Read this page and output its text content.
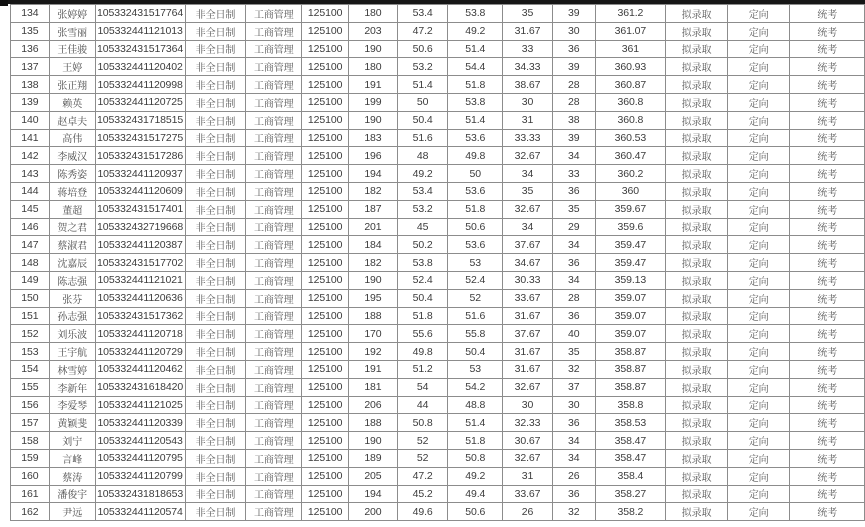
134	张婷婷	105332431517764	非全日制	工商管理	125100	180	53.4	53.8	35	39	361.2	拟录取	定向	统考
135	张雪丽	105332441121013	非全日制	工商管理	125100	203	47.2	49.2	31.67	30	361.07	拟录取	定向	统考
136	王佳骏	105332431517364	非全日制	工商管理	125100	190	50.6	51.4	33	36	361	拟录取	定向	统考
137	王婷	105332441120402	非全日制	工商管理	125100	180	53.2	54.4	34.33	39	360.93	拟录取	定向	统考
138	张正翔	105332441120998	非全日制	工商管理	125100	191	51.4	51.8	38.67	28	360.87	拟录取	定向	统考
139	赖英	105332441120725	非全日制	工商管理	125100	199	50	53.8	30	28	360.8	拟录取	定向	统考
140	赵卓夫	105332431718515	非全日制	工商管理	125100	190	50.4	51.4	31	38	360.8	拟录取	定向	统考
141	高伟	105332431517275	非全日制	工商管理	125100	183	51.6	53.6	33.33	39	360.53	拟录取	定向	统考
142	李威汉	105332431517286	非全日制	工商管理	125100	196	48	49.8	32.67	34	360.47	拟录取	定向	统考
143	陈秀姿	105332441120937	非全日制	工商管理	125100	194	49.2	50	34	33	360.2	拟录取	定向	统考
144	蒋培登	105332441120609	非全日制	工商管理	125100	182	53.4	53.6	35	36	360	拟录取	定向	统考
145	董超	105332431517401	非全日制	工商管理	125100	187	53.2	51.8	32.67	35	359.67	拟录取	定向	统考
146	贺之君	105332432719668	非全日制	工商管理	125100	201	45	50.6	34	29	359.6	拟录取	定向	统考
147	蔡淑君	105332441120387	非全日制	工商管理	125100	184	50.2	53.6	37.67	34	359.47	拟录取	定向	统考
148	沈嘉辰	105332431517702	非全日制	工商管理	125100	182	53.8	53	34.67	36	359.47	拟录取	定向	统考
149	陈志强	105332441121021	非全日制	工商管理	125100	190	52.4	52.4	30.33	34	359.13	拟录取	定向	统考
150	张芬	105332441120636	非全日制	工商管理	125100	195	50.4	52	33.67	28	359.07	拟录取	定向	统考
151	孙志强	105332431517362	非全日制	工商管理	125100	188	51.8	51.6	31.67	36	359.07	拟录取	定向	统考
152	刘乐波	105332441120718	非全日制	工商管理	125100	170	55.6	55.8	37.67	40	359.07	拟录取	定向	统考
153	王宇航	105332441120729	非全日制	工商管理	125100	192	49.8	50.4	31.67	35	358.87	拟录取	定向	统考
154	林雪婷	105332441120462	非全日制	工商管理	125100	191	51.2	53	31.67	32	358.87	拟录取	定向	统考
155	李新年	105332431618420	非全日制	工商管理	125100	181	54	54.2	32.67	37	358.87	拟录取	定向	统考
156	李爱琴	105332441121025	非全日制	工商管理	125100	206	44	48.8	30	30	358.8	拟录取	定向	统考
157	黄颖斐	105332441120339	非全日制	工商管理	125100	188	50.8	51.4	32.33	36	358.53	拟录取	定向	统考
158	刘宁	105332441120543	非全日制	工商管理	125100	190	52	51.8	30.67	34	358.47	拟录取	定向	统考
159	言峰	105332441120795	非全日制	工商管理	125100	189	52	50.8	32.67	34	358.47	拟录取	定向	统考
160	蔡涛	105332441120799	非全日制	工商管理	125100	205	47.2	49.2	31	26	358.4	拟录取	定向	统考
161	潘俊宇	105332431818653	非全日制	工商管理	125100	194	45.2	49.4	33.67	36	358.27	拟录取	定向	统考
162	尹远	105332441120574	非全日制	工商管理	125100	200	49.6	50.6	26	32	358.2	拟录取	定向	统考
